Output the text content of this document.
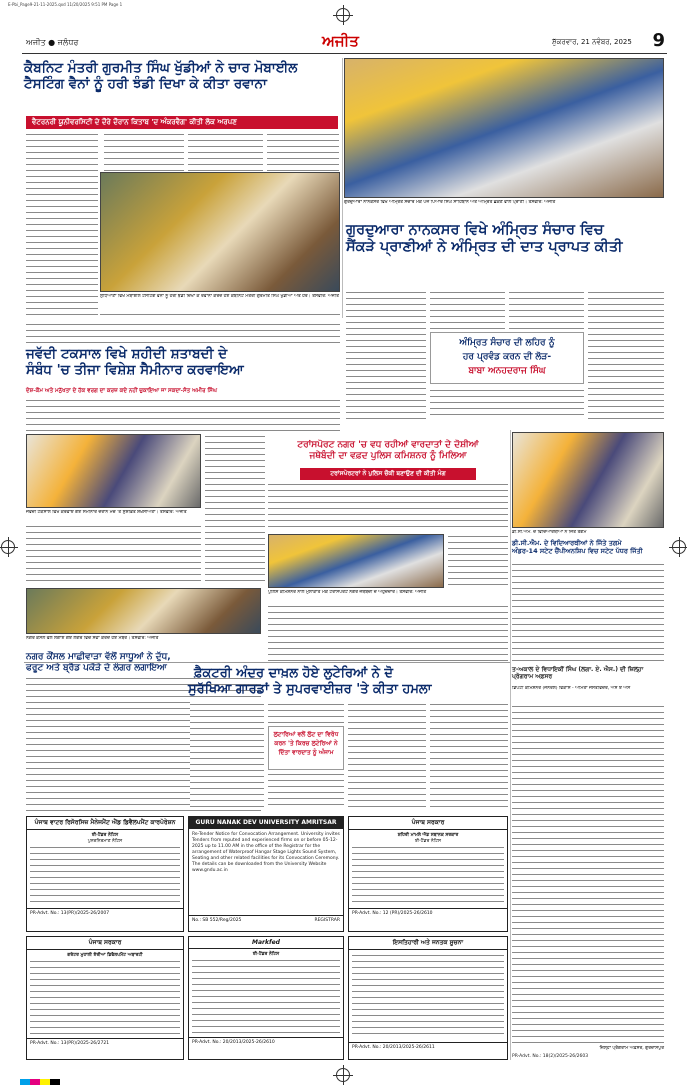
E-Pbi_Page9-21-11-2025.qxd 11/20/2025 9:51 PM Page 1
ਅਜੀਤ ● ਜਲੰਧਰ	ਅਜੀਤ	ਸ਼ੁੱਕਰਵਾਰ, 21 ਨਵੰਬਰ, 2025 9
ਕੈਬਨਿਟ ਮੰਤਰੀ ਗੁਰਮੀਤ ਸਿੰਘ ਖੁੱਡੀਆਂ ਨੇ ਚਾਰ ਮੋਬਾਈਲ
ਟੈਸਟਿੰਗ ਵੈਨਾਂ ਨੂੰ ਹਰੀ ਝੰਡੀ ਦਿਖਾ ਕੇ ਕੀਤਾ ਰਵਾਨਾ
ਵੈਟਰਨਰੀ ਯੂਨੀਵਰਸਿਟੀ ਦੇ ਦੌਰੇ ਦੌਰਾਨ ਕਿਤਾਬ 'ਦ ਅੰਕਰਵੈਗ' ਕੀਤੀ ਲੋਕ ਅਰਪਣ
ਲੁਧਿਆਣਾ ਵਿਖੇ ਮੋਬਾਈਲ ਟੈਸਟਿੰਗ ਵੈਨਾਂ ਨੂੰ ਹਰੀ ਝੰਡੀ ਦਿਖਾ ਕੇ ਰਵਾਨਾ ਕਰਦੇ ਹੋਏ ਕੈਬਨਿਟ ਮੰਤਰੀ ਗੁਰਮੀਤ ਸਿੰਘ ਖੁੱਡੀਆਂ ਅਤੇ ਹੋਰ। ਤਸਵੀਰ: ਅਜੀਤ
ਗੁਰਦੁਆਰਾ ਨਾਨਕਸਰ ਵਿਖੇ ਅੰਮ੍ਰਿਤ ਸੰਚਾਰ ਮੌਕੇ ਪੰਜ ਪਿਆਰੇ ਸਿੰਘ ਸਾਹਿਬਾਨ ਅਤੇ ਅੰਮ੍ਰਿਤ ਛਕਣ ਵਾਲੇ ਪ੍ਰਾਣੀ। ਤਸਵੀਰ: ਅਜੀਤ
ਗੁਰਦੁਆਰਾ ਨਾਨਕਸਰ ਵਿਖੇ ਅੰਮ੍ਰਿਤ ਸੰਚਾਰ ਵਿਚ
ਸੈਂਕੜੇ ਪ੍ਰਾਣੀਆਂ ਨੇ ਅੰਮ੍ਰਿਤ ਦੀ ਦਾਤ ਪ੍ਰਾਪਤ ਕੀਤੀ
ਅੰਮ੍ਰਿਤ ਸੰਚਾਰ ਦੀ ਲਹਿਰ ਨੂੰ
ਹਰ ਪ੍ਰਵੰਡ ਕਰਨ ਦੀ ਲੋੜ-
ਬਾਬਾ ਅਨਹਦਰਾਜ ਸਿੰਘ
ਜਵੱਦੀ ਟਕਸਾਲ ਵਿਖੇ ਸ਼ਹੀਦੀ ਸ਼ਤਾਬਦੀ ਦੇ
ਸੰਬੰਧ 'ਚ ਤੀਜਾ ਵਿਸ਼ੇਸ਼ ਸੈਮੀਨਾਰ ਕਰਵਾਇਆ
ਦੇਸ਼-ਕੌਮ ਅਤੇ ਮਨੁੱਖਤਾ ਦੇ ਹੱਕ ਵਰਗ ਦਾ ਕਰਜ਼ ਕਦੇ ਨਹੀਂ ਚੁਕਾਇਆ ਜਾ ਸਕਦਾ-ਸੰਤ ਅਮੀਰ ਸਿੰਘ
ਜਵੱਦੀ ਟਕਸਾਲ ਵਿਖੇ ਕਰਵਾਏ ਗਏ ਸੈਮੀਨਾਰ ਦੌਰਾਨ ਮੰਚ 'ਤੇ ਸੁਸ਼ੋਭਿਤ ਸ਼ਖ਼ਸੀਅਤਾਂ। ਤਸਵੀਰ: ਅਜੀਤ
ਟਰਾਂਸਪੋਰਟ ਨਗਰ 'ਚ ਵਧ ਰਹੀਆਂ ਵਾਰਦਾਤਾਂ ਦੇ ਦੋਸ਼ੀਆਂ
ਜਥੇਬੰਦੀ ਦਾ ਵਫ਼ਦ ਪੁਲਿਸ ਕਮਿਸ਼ਨਰ ਨੂੰ ਮਿਲਿਆ
ਟਰਾਂਸਪੋਰਟਰਾਂ ਨੇ ਪੁਲਿਸ ਚੌਕੀ ਬਣਾਉਣ ਦੀ ਕੀਤੀ ਮੰਗ
ਪੁਲਿਸ ਕਮਿਸ਼ਨਰ ਨਾਲ ਮੁਲਾਕਾਤ ਮੌਕੇ ਟਰਾਂਸਪੋਰਟ ਨਗਰ ਜਥੇਬੰਦੀ ਦੇ ਅਹੁਦੇਦਾਰ। ਤਸਵੀਰ: ਅਜੀਤ
ਡੀ.ਸੀ.ਐਮ. ਦੇ ਵਿਦਿਆਰਥੀਆਂ ਨੇ ਜਿੱਤੇ ਤਗਮੇ
ਡੀ.ਸੀ.ਐਮ. ਦੇ ਵਿਦਿਆਰਥੀਆਂ ਨੇ ਜਿੱਤੇ ਤਗਮੇ
ਅੰਡਰ-14 ਸਟੇਟ ਚੈਂਪੀਅਨਸ਼ਿਪ ਵਿਚ ਸਟੇਟ ਪੱਧਰ ਜਿੱਤੀ
ਨਗਰ ਕੌਂਸਲ ਵੱਲੋਂ ਲਗਾਏ ਗਏ ਲੰਗਰ ਵਿਚ ਸੇਵਾ ਕਰਦੇ ਹੋਏ ਮੈਂਬਰ। ਤਸਵੀਰ: ਅਜੀਤ
ਨਗਰ ਕੌਂਸਲ ਮਾਛੀਵਾੜਾ ਵੱਲੋਂ ਸਾਧੂਆਂ ਨੇ ਦੁੱਧ,
ਫਰੂਟ ਅਤੇ ਬ੍ਰੈਡ ਪਕੌੜੇ ਦੇ ਲੰਗਰ ਲਗਾਇਆ	ਫ਼ੈਕਟਰੀ ਅੰਦਰ ਦਾਖ਼ਲ ਹੋਏ ਲੁਟੇਰਿਆਂ ਨੇ ਦੋ
ਸੁਰੱਖਿਆ ਗਾਰਡਾਂ ਤੇ ਸੁਪਰਵਾਈਜ਼ਰ 'ਤੇ ਕੀਤਾ ਹਮਲਾ
ਲੁਟਾਰਿਆਂ ਵਲੋਂ ਲੁੱਟ ਦਾ ਵਿਰੋਧ ਕਰਨ 'ਤੇ ਕਿਰਚ ਲੁਟੇਰਿਆਂ ਨੇ ਦਿੱਤਾ ਵਾਰਦਾਤ ਨੂੰ ਅੰਜਾਮ
ਤ-ਅਕਾਲ ਦੇ ਵਿਧਾਇਕੀਂ ਸਿੰਘ (ਲਗਾ. ਏ. ਐਸ.) ਦੀ ਜ਼ਿਲ੍ਹਾ ਪ੍ਰੋਗਰਾਮ ਅਫ਼ਸਰ
ਡਿਪਟੀ ਕਮਿਸ਼ਨਰ (ਜਨਰਲ) ਵਿਕਾਸ - ਅਮਿਤਾ ਜਸਤਵਿੰਦਰ, ਐੱਸ ਏ ਐਸ
ਜ਼ਿਲ੍ਹਾ ਪ੍ਰੋਗਰਾਮ ਅਫ਼ਸਰ, ਗੁਰਦਾਸਪੁਰ
PR-Advt. No.: 18(2)/2025-26/2603
ਪੰਜਾਬ ਵਾਟਰ ਰਿਸੋਰਸਿਜ਼ ਮੈਨੇਜਮੈਂਟ ਐਂਡ ਡਿਵੈਲਪਮੈਂਟ ਕਾਰਪੋਰੇਸ਼ਨ
ਈ-ਟੈਂਡਰ ਨੋਟਿਸ
ਪੁਨਰਨਿਰਮਾਣ ਨੋਟਿਸ
PR-Advt. No.: 13(PR)/2025-26/2007
GURU NANAK DEV UNIVERSITY AMRITSAR
Re-Tender Notice for Convocation Arrangement. University invites Tenders from reputed and experienced firms on or before 05-12-2025 up to 11.00 AM in the office of the Registrar for the arrangement of Waterproof Hangar Stage Lights Sound System, Seating and other related facilities for its Convocation Ceremony. The details can be downloaded from the University Website www.gndu.ac.in
No.: SB 552/Reg/2025	REGISTRAR
ਪੰਜਾਬ ਸਰਕਾਰ
ਸ਼ਹਿਰੀ ਮਾਮਲੇ ਐਂਡ ਸਥਾਨਕ ਸਰਕਾਰ
ਈ-ਟੈਂਡਰ ਨੋਟਿਸ
PR-Advt. No.: 12 (PR)/2025-26/2610
ਪੰਜਾਬ ਸਰਕਾਰ
ਗਰੇਟਰ ਮੁਹਾਲੀ ਏਰੀਆ ਡਿਵੈਲਪਮੈਂਟ ਅਥਾਰਟੀ
PR-Advt. No.: 13(PR)/2025-26/2721
Markfed
ਈ-ਟੈਂਡਰ ਨੋਟਿਸ
PR-Advt. No.: 20/2013/2025-26/2610
ਇਸਤਿਹਾਰੀ ਅਤੇ ਜਨਤਕ ਸੂਚਨਾ
PR-Advt. No.: 20/2013/2025-26/2611
